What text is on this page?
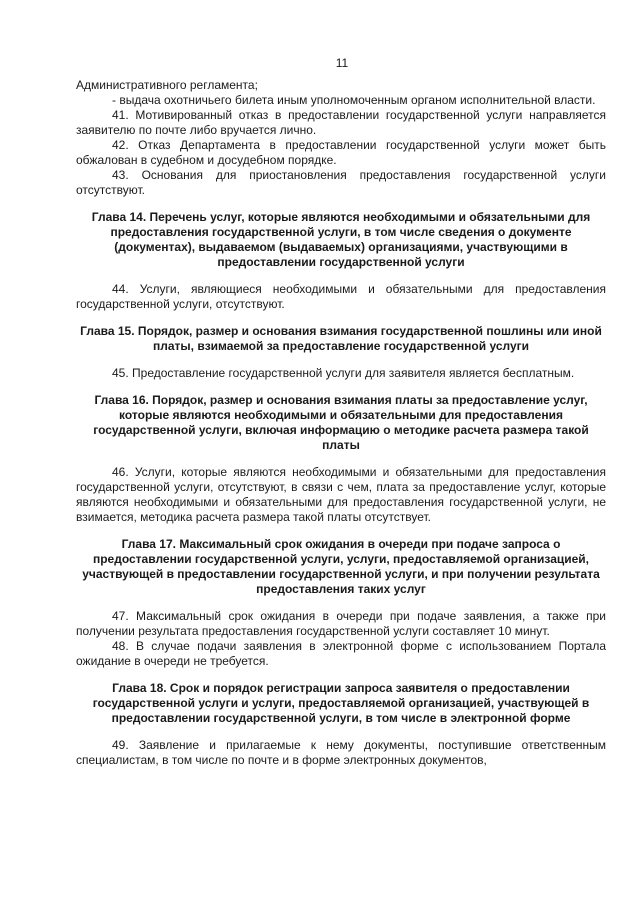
11

Административного регламента;

- выдача охотничьего билета иным уполномоченным органом исполнительной власти.

41. Мотивированный отказ в предоставлении государственной услуги направляется заявителю по почте либо вручается лично.

42. Отказ Департамента в предоставлении государственной услуги может быть обжалован в судебном и досудебном порядке.

43. Основания для приостановления предоставления государственной услуги отсутствуют.

Глава 14. Перечень услуг, которые являются необходимыми и обязательными для предоставления государственной услуги, в том числе сведения о документе (документах), выдаваемом (выдаваемых) организациями, участвующими в предоставлении государственной услуги

44. Услуги, являющиеся необходимыми и обязательными для предоставления государственной услуги, отсутствуют.

Глава 15. Порядок, размер и основания взимания государственной пошлины или иной платы, взимаемой за предоставление государственной услуги

45. Предоставление государственной услуги для заявителя является бесплатным.

Глава 16. Порядок, размер и основания взимания платы за предоставление услуг, которые являются необходимыми и обязательными для предоставления государственной услуги, включая информацию о методике расчета размера такой платы

46. Услуги, которые являются необходимыми и обязательными для предоставления государственной услуги, отсутствуют, в связи с чем, плата за предоставление услуг, которые являются необходимыми и обязательными для предоставления государственной услуги, не взимается, методика расчета размера такой платы отсутствует.

Глава 17. Максимальный срок ожидания в очереди при подаче запроса о предоставлении государственной услуги, услуги, предоставляемой организацией, участвующей в предоставлении государственной услуги, и при получении результата предоставления таких услуг

47. Максимальный срок ожидания в очереди при подаче заявления, а также при получении результата предоставления государственной услуги составляет 10 минут.

48. В случае подачи заявления в электронной форме с использованием Портала ожидание в очереди не требуется.

Глава 18. Срок и порядок регистрации запроса заявителя о предоставлении государственной услуги и услуги, предоставляемой организацией, участвующей в предоставлении государственной услуги, в том числе в электронной форме

49. Заявление и прилагаемые к нему документы, поступившие ответственным специалистам, в том числе по почте и в форме электронных документов,
